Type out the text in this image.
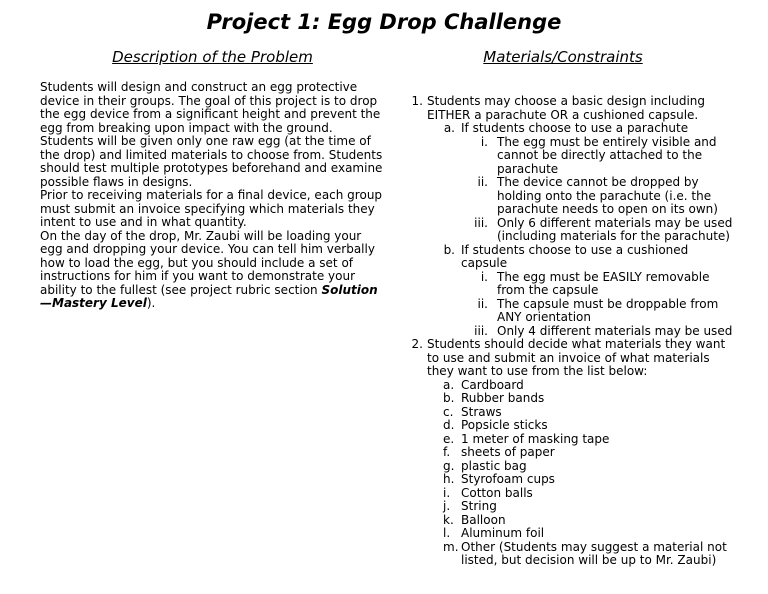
Project 1: Egg Drop Challenge
Description of the Problem	Materials/Constraints

Students will design and construct an egg protective device in their groups. The goal of this project is to drop the egg device from a significant height and prevent the egg from breaking upon impact with the ground.

Students will be given only one raw egg (at the time of the drop) and limited materials to choose from. Students should test multiple prototypes beforehand and examine possible flaws in designs.

Prior to receiving materials for a final device, each group must submit an invoice specifying which materials they intent to use and in what quantity.

On the day of the drop, Mr. Zaubi will be loading your egg and dropping your device. You can tell him verbally how to load the egg, but you should include a set of instructions for him if you want to demonstrate your ability to the fullest (see project rubric section Solution—Mastery Level).

1. Students may choose a basic design including EITHER a parachute OR a cushioned capsule.
a. If students choose to use a parachute
i. The egg must be entirely visible and cannot be directly attached to the parachute
ii. The device cannot be dropped by holding onto the parachute (i.e. the parachute needs to open on its own)
iii. Only 6 different materials may be used (including materials for the parachute)
b. If students choose to use a cushioned capsule
i. The egg must be EASILY removable from the capsule
ii. The capsule must be droppable from ANY orientation
iii. Only 4 different materials may be used
2. Students should decide what materials they want to use and submit an invoice of what materials they want to use from the list below:
a. Cardboard
b. Rubber bands
c. Straws
d. Popsicle sticks
e. 1 meter of masking tape
f. sheets of paper
g. plastic bag
h. Styrofoam cups
i. Cotton balls
j. String
k. Balloon
l. Aluminum foil
m. Other (Students may suggest a material not listed, but decision will be up to Mr. Zaubi)
